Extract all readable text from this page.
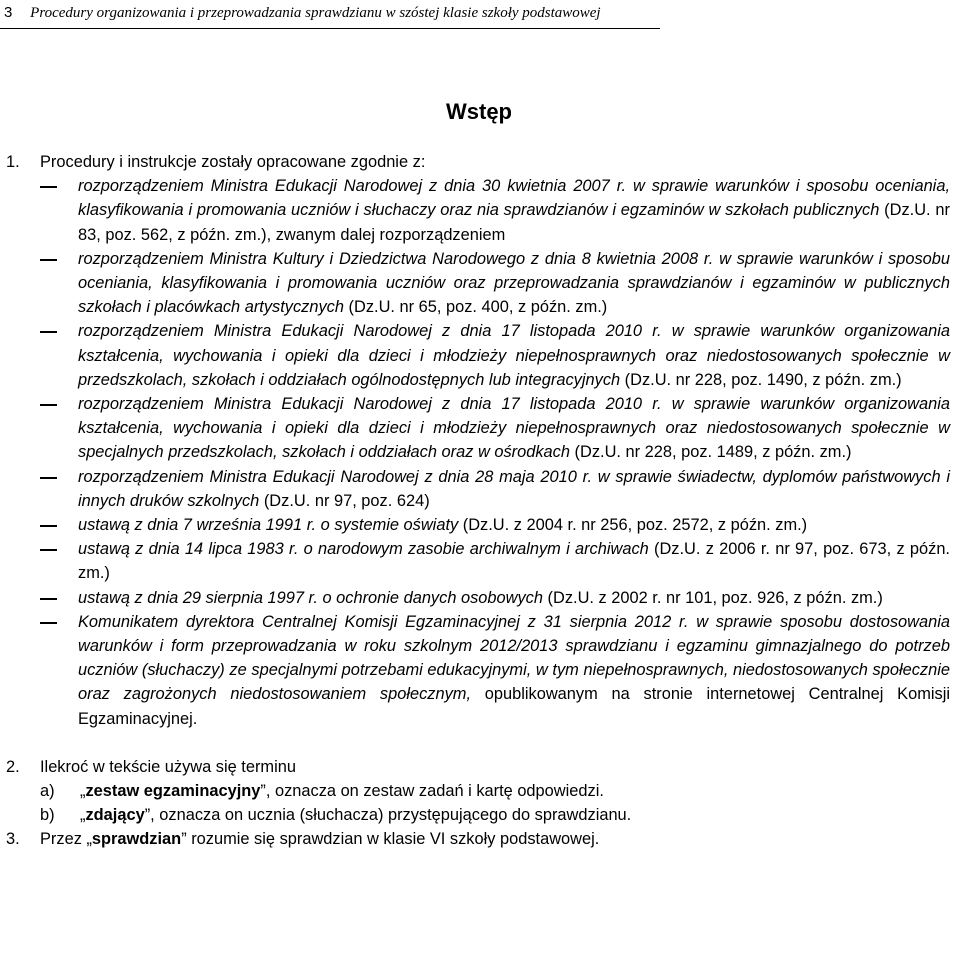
3 Procedury organizowania i przeprowadzania sprawdzianu w szóstej klasie szkoły podstawowej
Wstęp
1. Procedury i instrukcje zostały opracowane zgodnie z:
rozporządzeniem Ministra Edukacji Narodowej z dnia 30 kwietnia 2007 r. w sprawie warunków i sposobu oceniania, klasyfikowania i promowania uczniów i słuchaczy oraz nia sprawdzianów i egzaminów w szkołach publicznych (Dz.U. nr 83, poz. 562, z późn. zm.), zwanym dalej rozporządzeniem
rozporządzeniem Ministra Kultury i Dziedzictwa Narodowego z dnia 8 kwietnia 2008 r. w sprawie warunków i sposobu oceniania, klasyfikowania i promowania uczniów oraz przeprowadzania sprawdzianów i egzaminów w publicznych szkołach i placówkach artystycznych (Dz.U. nr 65, poz. 400, z późn. zm.)
rozporządzeniem Ministra Edukacji Narodowej z dnia 17 listopada 2010 r. w sprawie warunków organizowania kształcenia, wychowania i opieki dla dzieci i młodzieży niepełnosprawnych oraz niedostosowanych społecznie w przedszkolach, szkołach i oddziałach ogólnodostępnych lub integracyjnych (Dz.U. nr 228, poz. 1490, z późn. zm.)
rozporządzeniem Ministra Edukacji Narodowej z dnia 17 listopada 2010 r. w sprawie warunków organizowania kształcenia, wychowania i opieki dla dzieci i młodzieży niepełnosprawnych oraz niedostosowanych społecznie w specjalnych przedszkolach, szkołach i oddziałach oraz w ośrodkach (Dz.U. nr 228, poz. 1489, z późn. zm.)
rozporządzeniem Ministra Edukacji Narodowej z dnia 28 maja 2010 r. w sprawie świadectw, dyplomów państwowych i innych druków szkolnych (Dz.U. nr 97, poz. 624)
ustawą z dnia 7 września 1991 r. o systemie oświaty (Dz.U. z 2004 r. nr 256, poz. 2572, z późn. zm.)
ustawą z dnia 14 lipca 1983 r. o narodowym zasobie archiwalnym i archiwach (Dz.U. z 2006 r. nr 97, poz. 673, z późn. zm.)
ustawą z dnia 29 sierpnia 1997 r. o ochronie danych osobowych (Dz.U. z 2002 r. nr 101, poz. 926, z późn. zm.)
Komunikatem dyrektora Centralnej Komisji Egzaminacyjnej z 31 sierpnia 2012 r. w sprawie sposobu dostosowania warunków i form przeprowadzania w roku szkolnym 2012/2013 sprawdzianu i egzaminu gimnazjalnego do potrzeb uczniów (słuchaczy) ze specjalnymi potrzebami edukacyjnymi, w tym niepełnosprawnych, niedostosowanych społecznie oraz zagrożonych niedostosowaniem społecznym, opublikowanym na stronie internetowej Centralnej Komisji Egzaminacyjnej.
2. Ilekroć w tekście używa się terminu
a) „zestaw egzaminacyjny”, oznacza on zestaw zadań i kartę odpowiedzi.
b) „zdający”, oznacza on ucznia (słuchacza) przystępującego do sprawdzianu.
3. Przez „sprawdzian” rozumie się sprawdzian w klasie VI szkoły podstawowej.
